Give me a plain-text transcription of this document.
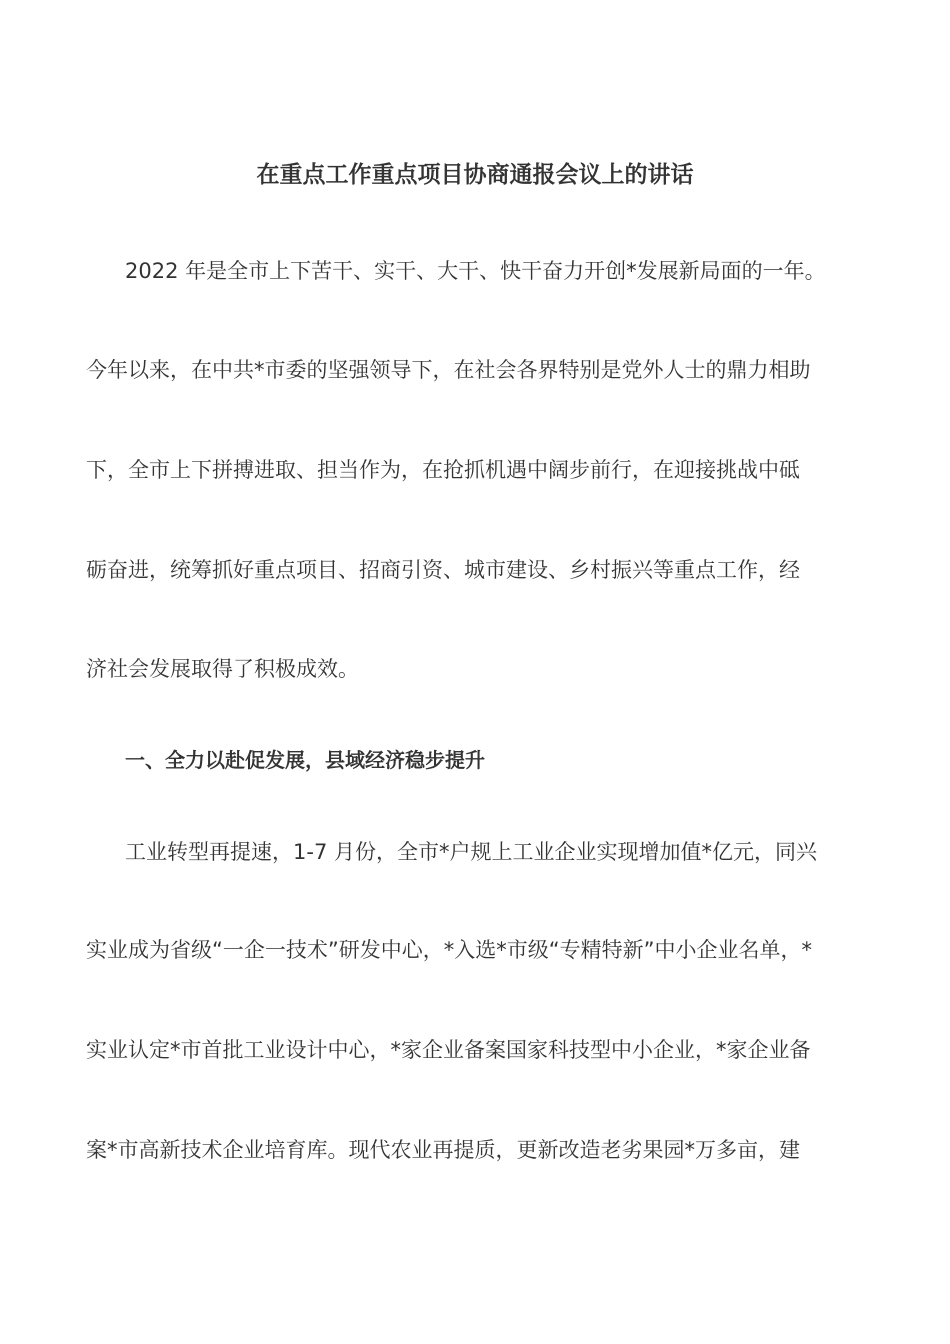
在重点工作重点项目协商通报会议上的讲话
2022 年是全市上下苦干、实干、大干、快干奋力开创*发展新局面的一年。
今年以来，在中共*市委的坚强领导下，在社会各界特别是党外人士的鼎力相助
下，全市上下拼搏进取、担当作为，在抢抓机遇中阔步前行，在迎接挑战中砥
砺奋进，统筹抓好重点项目、招商引资、城市建设、乡村振兴等重点工作，经
济社会发展取得了积极成效。
一、全力以赴促发展，县域经济稳步提升
工业转型再提速，1-7 月份，全市*户规上工业企业实现增加值*亿元，同兴
实业成为省级“一企一技术”研发中心，*入选*市级“专精特新”中小企业名单，*
实业认定*市首批工业设计中心，*家企业备案国家科技型中小企业，*家企业备
案*市高新技术企业培育库。现代农业再提质，更新改造老劣果园*万多亩，建
